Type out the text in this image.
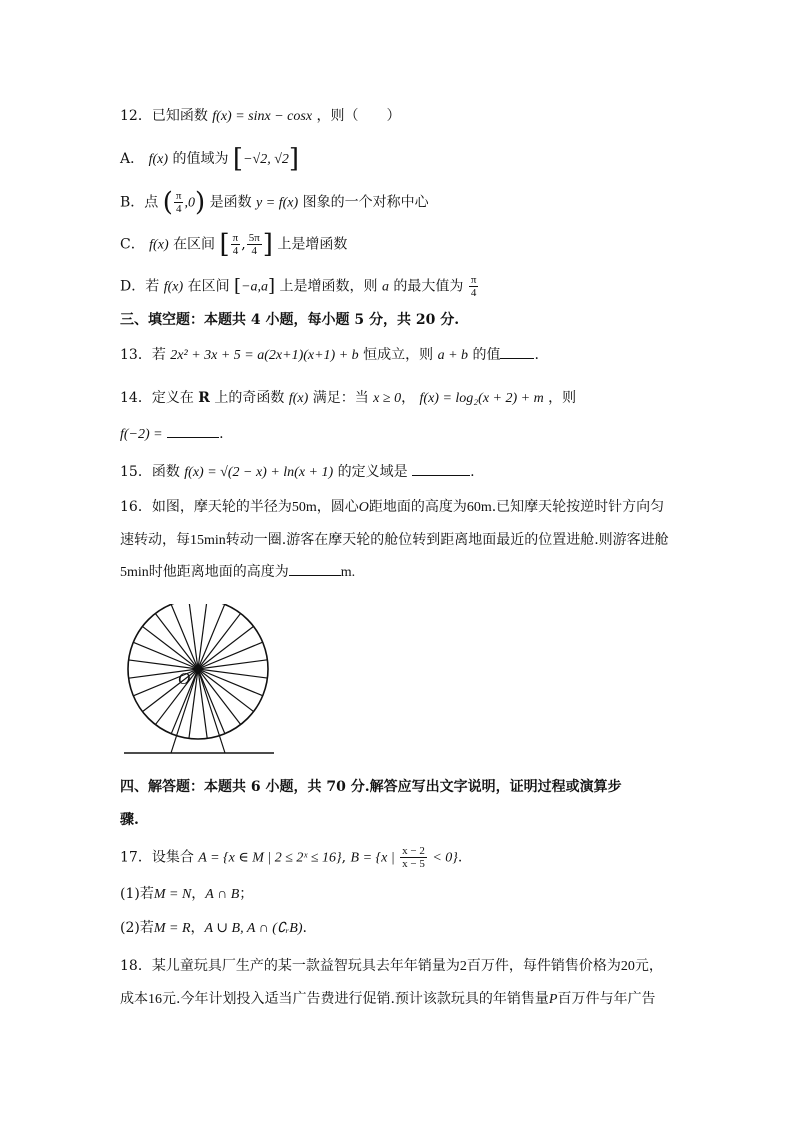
12．已知函数 f(x) = sinx − cosx ，则（　　）
A． f(x) 的值域为 [−√2, √2]
B．点 ( $\frac{\pi}{4} ,0$) 是函数 y = f(x) 图象的一个对称中心
C． f(x) 在区间 [ $\frac{\pi}{4}$ , $\frac{5\pi}{4}$ ] 上是增函数
D．若 f(x) 在区间 [−a,a] 上是增函数，则 a 的最大值为 $\frac{\pi}{4}$
三、填空题：本题共 4 小题，每小题 5 分，共 20 分.
13．若 2x² + 3x + 5 = a(2x+1)(x+1) + b 恒成立，则 a + b 的值 .
14．定义在 R 上的奇函数 f(x) 满足：当 x ≥ 0， f(x) = log₂(x + 2) + m ，则
f(−2) =	.
15．函数 f(x) = √(2 − x) + ln(x + 1) 的定义域是	.
16．如图，摩天轮的半径为50m，圆心O距地面的高度为60m.已知摩天轮按逆时针方向匀
速转动，每15min转动一圈.游客在摩天轮的舱位转到距离地面最近的位置进舱.则游客进舱
5min时他距离地面的高度为	m.
O
四、解答题：本题共 6 小题，共 70 分.解答应写出文字说明，证明过程或演算步
骤.
17．设集合 A = {x ∈ M | 2 ≤ 2ˣ ≤ 16}, B = {x | $\frac{x - 2}{x - 5} < 0$}.
(1)若M = N，A ∩ B；
(2)若M = R，A ∪ B, A ∩ (∁ᵣB).
18．某儿童玩具厂生产的某一款益智玩具去年年销量为2百万件，每件销售价格为20元，
成本16元.今年计划投入适当广告费进行促销.预计该款玩具的年销售量P百万件与年广告
